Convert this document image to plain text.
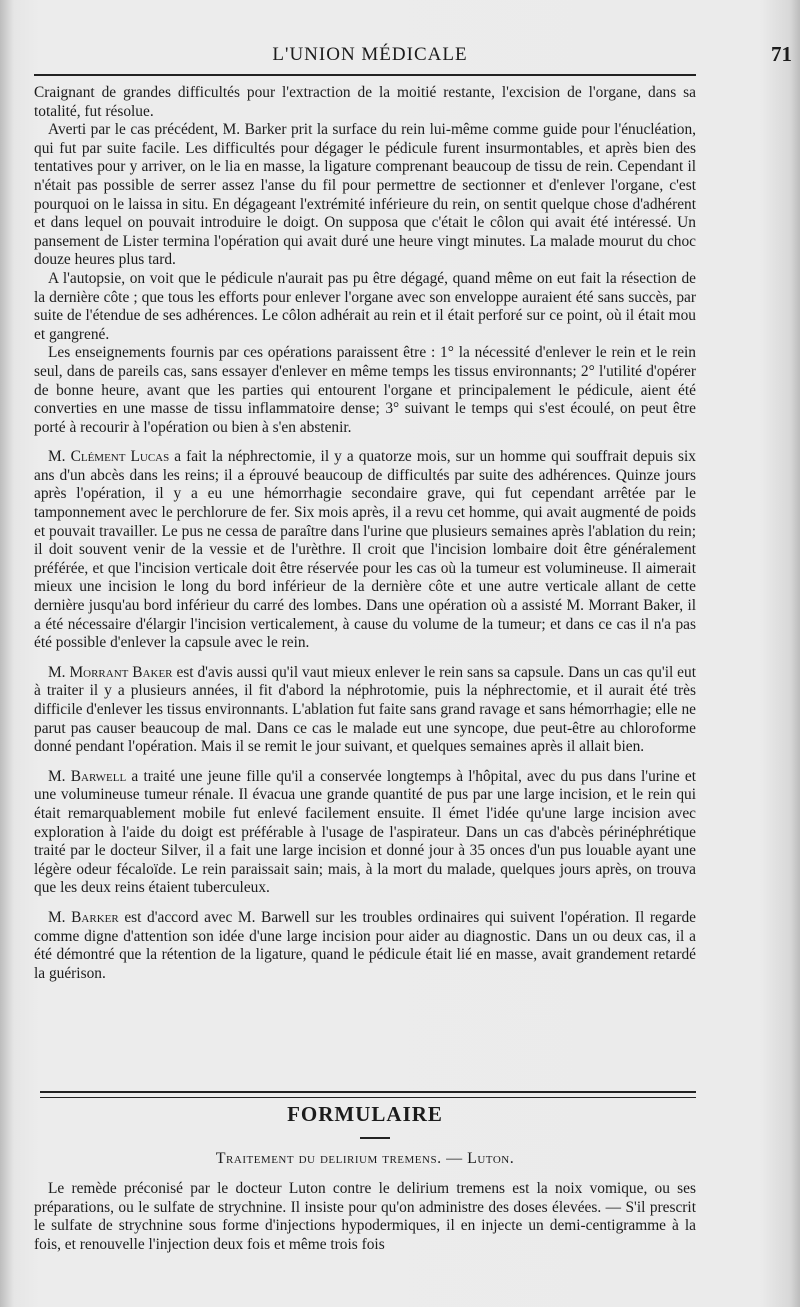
L'UNION MÉDICALE	71

Craignant de grandes difficultés pour l'extraction de la moitié restante, l'excision de l'organe, dans sa totalité, fut résolue.

Averti par le cas précédent, M. Barker prit la surface du rein lui-même comme guide pour l'énucléation, qui fut par suite facile. Les difficultés pour dégager le pédicule furent insurmontables, et après bien des tentatives pour y arriver, on le lia en masse, la ligature comprenant beaucoup de tissu de rein. Cependant il n'était pas possible de serrer assez l'anse du fil pour permettre de sectionner et d'enlever l'organe, c'est pourquoi on le laissa in situ. En dégageant l'extrémité inférieure du rein, on sentit quelque chose d'adhérent et dans lequel on pouvait introduire le doigt. On supposa que c'était le côlon qui avait été intéressé. Un pansement de Lister termina l'opération qui avait duré une heure vingt minutes. La malade mourut du choc douze heures plus tard.

A l'autopsie, on voit que le pédicule n'aurait pas pu être dégagé, quand même on eut fait la résection de la dernière côte ; que tous les efforts pour enlever l'organe avec son enveloppe auraient été sans succès, par suite de l'étendue de ses adhérences. Le côlon adhérait au rein et il était perforé sur ce point, où il était mou et gangrené.

Les enseignements fournis par ces opérations paraissent être : 1° la nécessité d'enlever le rein et le rein seul, dans de pareils cas, sans essayer d'enlever en même temps les tissus environnants; 2° l'utilité d'opérer de bonne heure, avant que les parties qui entourent l'organe et principalement le pédicule, aient été converties en une masse de tissu inflammatoire dense; 3° suivant le temps qui s'est écoulé, on peut être porté à recourir à l'opération ou bien à s'en abstenir.

M. Clément Lucas a fait la néphrectomie, il y a quatorze mois, sur un homme qui souffrait depuis six ans d'un abcès dans les reins; il a éprouvé beaucoup de difficultés par suite des adhérences. Quinze jours après l'opération, il y a eu une hémorrhagie secondaire grave, qui fut cependant arrêtée par le tamponnement avec le perchlorure de fer. Six mois après, il a revu cet homme, qui avait augmenté de poids et pouvait travailler. Le pus ne cessa de paraître dans l'urine que plusieurs semaines après l'ablation du rein; il doit souvent venir de la vessie et de l'urèthre. Il croit que l'incision lombaire doit être généralement préférée, et que l'incision verticale doit être réservée pour les cas où la tumeur est volumineuse. Il aimerait mieux une incision le long du bord inférieur de la dernière côte et une autre verticale allant de cette dernière jusqu'au bord inférieur du carré des lombes. Dans une opération où a assisté M. Morrant Baker, il a été nécessaire d'élargir l'incision verticalement, à cause du volume de la tumeur; et dans ce cas il n'a pas été possible d'enlever la capsule avec le rein.

M. Morrant Baker est d'avis aussi qu'il vaut mieux enlever le rein sans sa capsule. Dans un cas qu'il eut à traiter il y a plusieurs années, il fit d'abord la néphrotomie, puis la néphrectomie, et il aurait été très difficile d'enlever les tissus environnants. L'ablation fut faite sans grand ravage et sans hémorrhagie; elle ne parut pas causer beaucoup de mal. Dans ce cas le malade eut une syncope, due peut-être au chloroforme donné pendant l'opération. Mais il se remit le jour suivant, et quelques semaines après il allait bien.

M. Barwell a traité une jeune fille qu'il a conservée longtemps à l'hôpital, avec du pus dans l'urine et une volumineuse tumeur rénale. Il évacua une grande quantité de pus par une large incision, et le rein qui était remarquablement mobile fut enlevé facilement ensuite. Il émet l'idée qu'une large incision avec exploration à l'aide du doigt est préférable à l'usage de l'aspirateur. Dans un cas d'abcès périnéphrétique traité par le docteur Silver, il a fait une large incision et donné jour à 35 onces d'un pus louable ayant une légère odeur fécaloïde. Le rein paraissait sain; mais, à la mort du malade, quelques jours après, on trouva que les deux reins étaient tuberculeux.

M. Barker est d'accord avec M. Barwell sur les troubles ordinaires qui suivent l'opération. Il regarde comme digne d'attention son idée d'une large incision pour aider au diagnostic. Dans un ou deux cas, il a été démontré que la rétention de la ligature, quand le pédicule était lié en masse, avait grandement retardé la guérison.

FORMULAIRE
Traitement du delirium tremens. — Luton.

Le remède préconisé par le docteur Luton contre le delirium tremens est la noix vomique, ou ses préparations, ou le sulfate de strychnine. Il insiste pour qu'on administre des doses élevées. — S'il prescrit le sulfate de strychnine sous forme d'injections hypodermiques, il en injecte un demi-centigramme à la fois, et renouvelle l'injection deux fois et même trois fois
